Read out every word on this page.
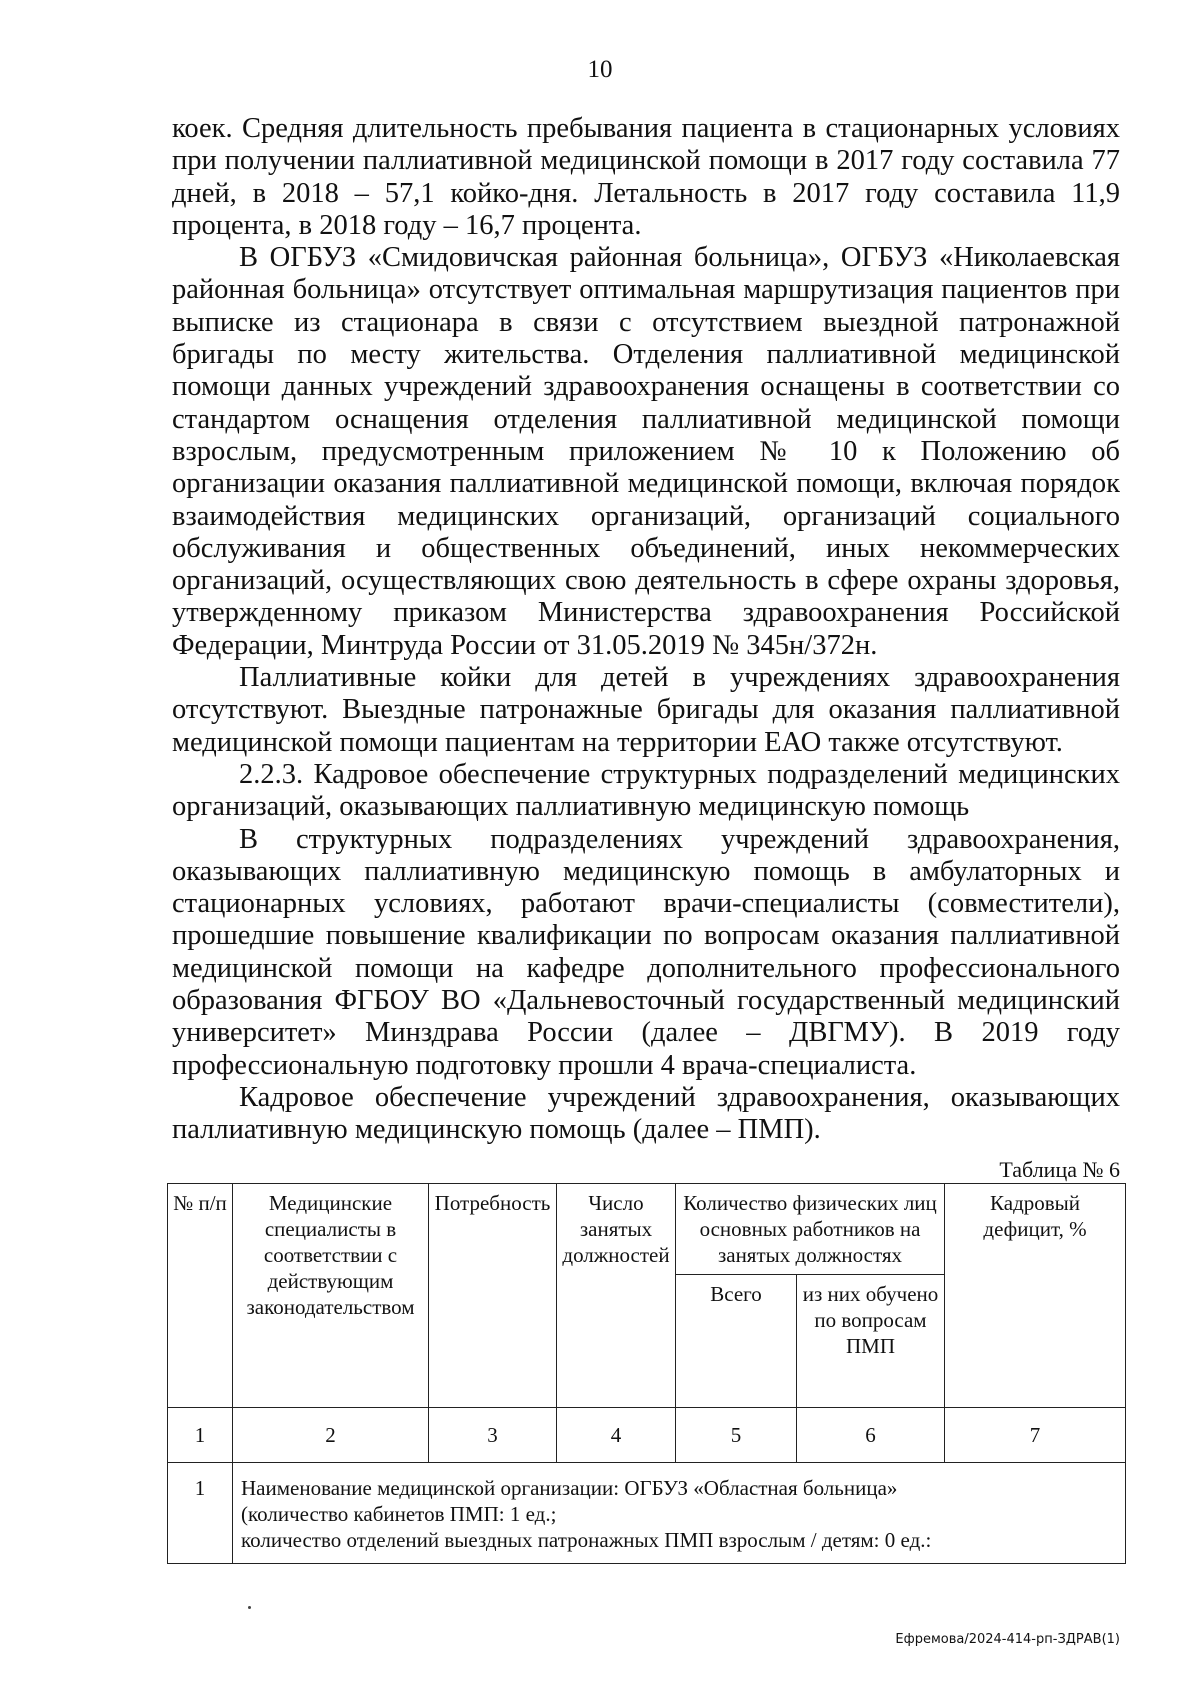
10

коек. Средняя длительность пребывания пациента в стационарных условиях при получении паллиативной медицинской помощи в 2017 году составила 77 дней, в 2018 – 57,1 койко-дня. Летальность в 2017 году составила 11,9 процента, в 2018 году – 16,7 процента.

В ОГБУЗ «Смидовичская районная больница», ОГБУЗ «Николаевская районная больница» отсутствует оптимальная маршрутизация пациентов при выписке из стационара в связи с отсутствием выездной патронажной бригады по месту жительства. Отделения паллиативной медицинской помощи данных учреждений здравоохранения оснащены в соответствии со стандартом оснащения отделения паллиативной медицинской помощи взрослым, предусмотренным приложением № 10 к Положению об организации оказания паллиативной медицинской помощи, включая порядок взаимодействия медицинских организаций, организаций социального обслуживания и общественных объединений, иных некоммерческих организаций, осуществляющих свою деятельность в сфере охраны здоровья, утвержденному приказом Министерства здравоохранения Российской Федерации, Минтруда России от 31.05.2019 № 345н/372н.

Паллиативные койки для детей в учреждениях здравоохранения отсутствуют. Выездные патронажные бригады для оказания паллиативной медицинской помощи пациентам на территории ЕАО также отсутствуют.

2.2.3. Кадровое обеспечение структурных подразделений медицинских организаций, оказывающих паллиативную медицинскую помощь

В структурных подразделениях учреждений здравоохранения, оказывающих паллиативную медицинскую помощь в амбулаторных и стационарных условиях, работают врачи-специалисты (совместители), прошедшие повышение квалификации по вопросам оказания паллиативной медицинской помощи на кафедре дополнительного профессионального образования ФГБОУ ВО «Дальневосточный государственный медицинский университет» Минздрава России (далее – ДВГМУ). В 2019 году профессиональную подготовку прошли 4 врача-специалиста.

Кадровое обеспечение учреждений здравоохранения, оказывающих паллиативную медицинскую помощь (далее – ПМП).

Таблица № 6
№ п/п	Медицинские специалисты в соответствии с действующим законодательством	Потребность	Число занятых должностей	Количество физических лиц основных работников на занятых должностях		Кадровый дефицит, %
				Всего	из них обучено по вопросам ПМП	
1	2	3	4	5	6	7
1	Наименование медицинской организации: ОГБУЗ «Областная больница»
(количество кабинетов ПМП: 1 ед.;
количество отделений выездных патронажных ПМП взрослым / детям: 0 ед.:					
Ефремова/2024-414-рп-ЗДРАВ(1)
